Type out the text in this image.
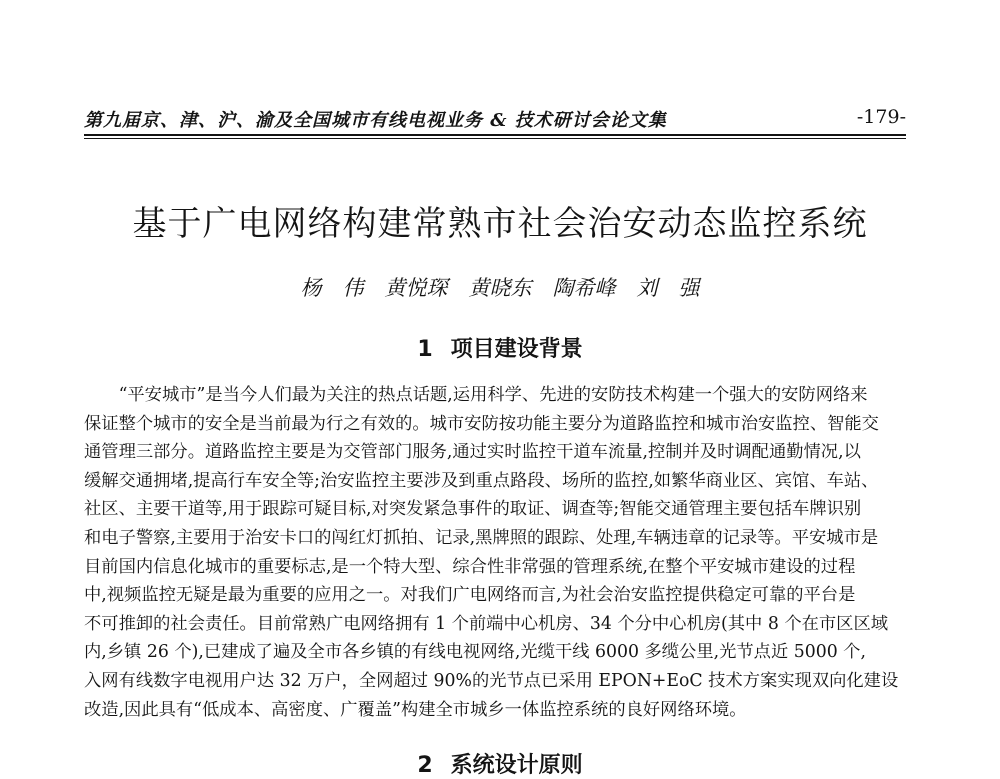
第九届京、津、沪、渝及全国城市有线电视业务 & 技术研讨会论文集	-179-
基于广电网络构建常熟市社会治安动态监控系统
杨　伟　黄悦琛　黄晓东　陶希峰　刘　强
1 项目建设背景

　　“平安城市”是当今人们最为关注的热点话题,运用科学、先进的安防技术构建一个强大的安防网络来
保证整个城市的安全是当前最为行之有效的。城市安防按功能主要分为道路监控和城市治安监控、智能交
通管理三部分。道路监控主要是为交管部门服务,通过实时监控干道车流量,控制并及时调配通勤情况,以
缓解交通拥堵,提高行车安全等;治安监控主要涉及到重点路段、场所的监控,如繁华商业区、宾馆、车站、
社区、主要干道等,用于跟踪可疑目标,对突发紧急事件的取证、调查等;智能交通管理主要包括车牌识别
和电子警察,主要用于治安卡口的闯红灯抓拍、记录,黑牌照的跟踪、处理,车辆违章的记录等。平安城市是
目前国内信息化城市的重要标志,是一个特大型、综合性非常强的管理系统,在整个平安城市建设的过程
中,视频监控无疑是最为重要的应用之一。对我们广电网络而言,为社会治安监控提供稳定可靠的平台是
不可推卸的社会责任。目前常熟广电网络拥有 1 个前端中心机房、34 个分中心机房(其中 8 个在市区区域
内,乡镇 26 个),已建成了遍及全市各乡镇的有线电视网络,光缆干线 6000 多缆公里,光节点近 5000 个,
入网有线数字电视用户达 32 万户，全网超过 90%的光节点已采用 EPON+EoC 技术方案实现双向化建设
改造,因此具有“低成本、高密度、广覆盖”构建全市城乡一体监控系统的良好网络环境。

2 系统设计原则
